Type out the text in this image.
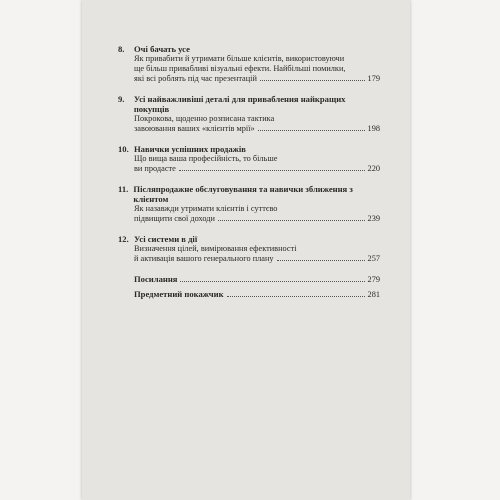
8.	Очі бачать усе
Як привабити й утримати більше клієнтів, використовуючи
ще більш привабливі візуальні ефекти. Найбільші помилки,
які всі роблять під час презентацій	179
9.	Усі найважливіші деталі для привабления найкращих покупців
Покрокова, щоденно розписана тактика
завоювання ваших «клієнтів мрії»	198
10. Навички успішних продажів
Що вища ваша професійність, то більше
ви продасте	220
11. Післяпродажне обслуговування та навички зближення з клієнтом
Як назавжди утримати клієнтів і суттєво
підвищити свої доходи	239
12. Усі системи в дії
Визначення цілей, вимірювання ефективності
й активація вашого генерального плану	257
Посилання	279
Предметний покажчик	281
